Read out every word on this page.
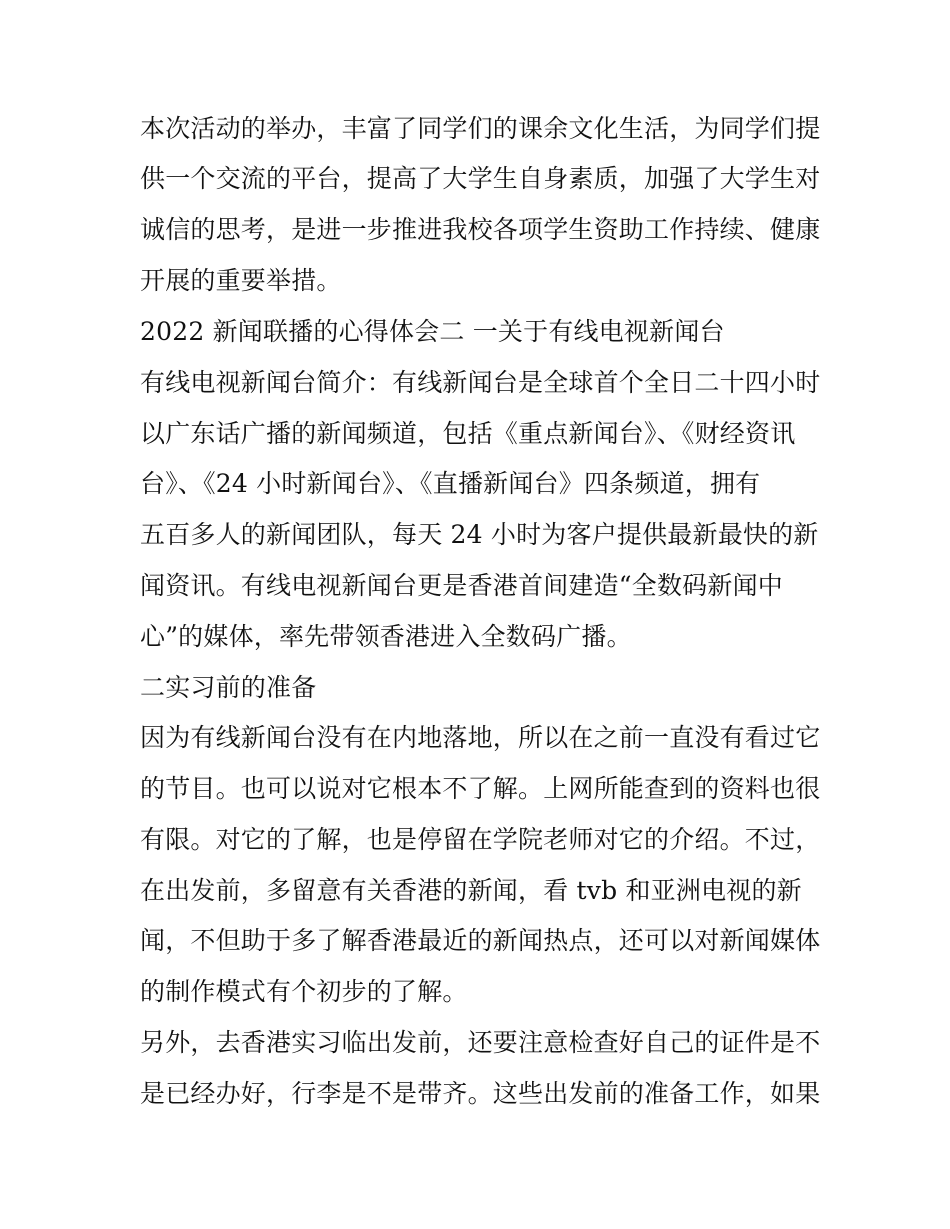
本次活动的举办，丰富了同学们的课余文化生活，为同学们提
供一个交流的平台，提高了大学生自身素质，加强了大学生对
诚信的思考，是进一步推进我校各项学生资助工作持续、健康
开展的重要举措。
2022 新闻联播的心得体会二 一关于有线电视新闻台
有线电视新闻台简介：有线新闻台是全球首个全日二十四小时
以广东话广播的新闻频道，包括《重点新闻台》、《财经资讯
台》、《24 小时新闻台》、《直播新闻台》四条频道，拥有
五百多人的新闻团队，每天 24 小时为客户提供最新最快的新
闻资讯。有线电视新闻台更是香港首间建造“全数码新闻中
心”的媒体，率先带领香港进入全数码广播。
二实习前的准备
因为有线新闻台没有在内地落地，所以在之前一直没有看过它
的节目。也可以说对它根本不了解。上网所能查到的资料也很
有限。对它的了解，也是停留在学院老师对它的介绍。不过，
在出发前，多留意有关香港的新闻，看 tvb 和亚洲电视的新
闻，不但助于多了解香港最近的新闻热点，还可以对新闻媒体
的制作模式有个初步的了解。
另外，去香港实习临出发前，还要注意检查好自己的证件是不
是已经办好，行李是不是带齐。这些出发前的准备工作，如果
